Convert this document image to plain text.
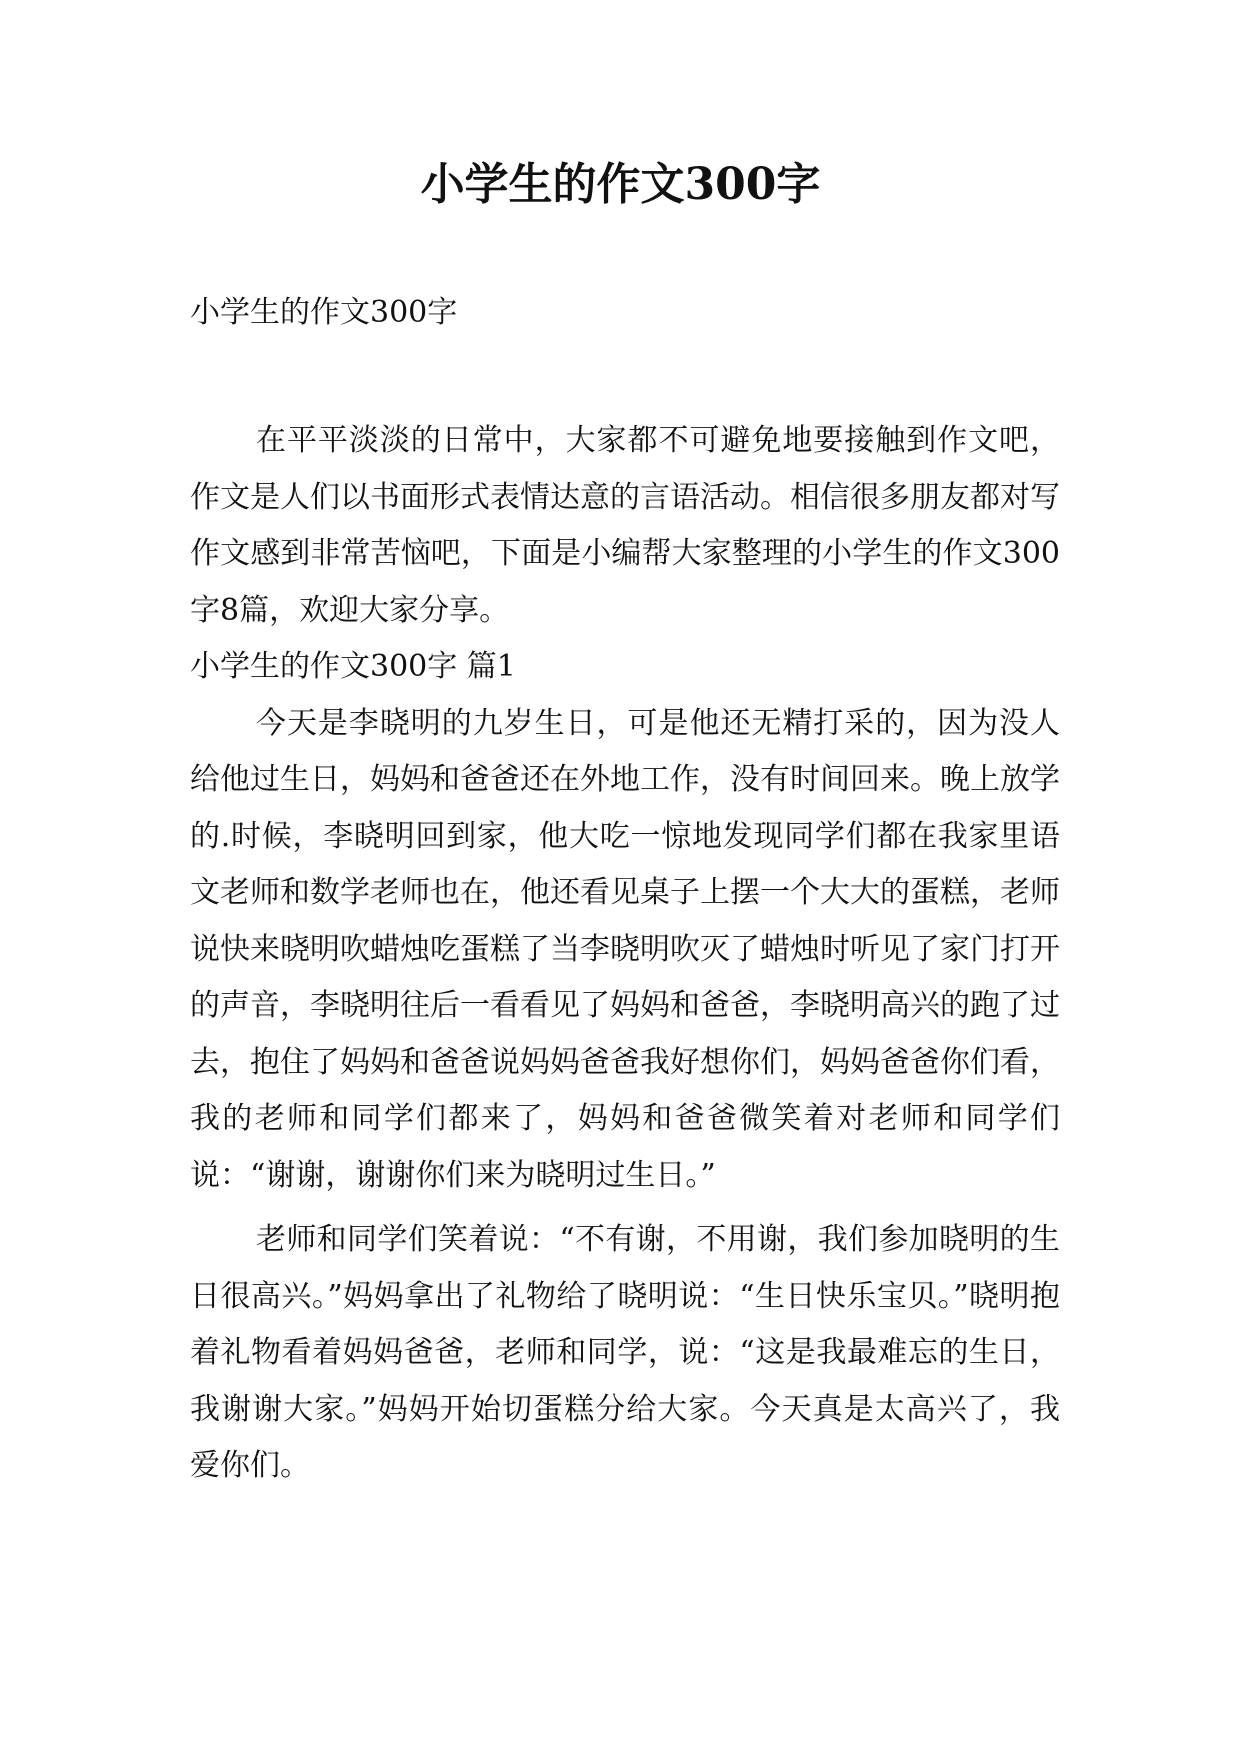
小学生的作文300字

小学生的作文300字

在平平淡淡的日常中，大家都不可避免地要接触到作文吧，作文是人们以书面形式表情达意的言语活动。相信很多朋友都对写作文感到非常苦恼吧，下面是小编帮大家整理的小学生的作文300字8篇，欢迎大家分享。

小学生的作文300字 篇1

今天是李晓明的九岁生日，可是他还无精打采的，因为没人给他过生日，妈妈和爸爸还在外地工作，没有时间回来。晚上放学的.时候，李晓明回到家，他大吃一惊地发现同学们都在我家里语文老师和数学老师也在，他还看见桌子上摆一个大大的蛋糕，老师说快来晓明吹蜡烛吃蛋糕了当李晓明吹灭了蜡烛时听见了家门打开的声音，李晓明往后一看看见了妈妈和爸爸，李晓明高兴的跑了过去，抱住了妈妈和爸爸说妈妈爸爸我好想你们，妈妈爸爸你们看，我的老师和同学们都来了，妈妈和爸爸微笑着对老师和同学们说：“谢谢，谢谢你们来为晓明过生日。”

老师和同学们笑着说：“不有谢，不用谢，我们参加晓明的生日很高兴。”妈妈拿出了礼物给了晓明说：“生日快乐宝贝。”晓明抱着礼物看着妈妈爸爸，老师和同学，说：“这是我最难忘的生日，我谢谢大家。”妈妈开始切蛋糕分给大家。今天真是太高兴了，我爱你们。
